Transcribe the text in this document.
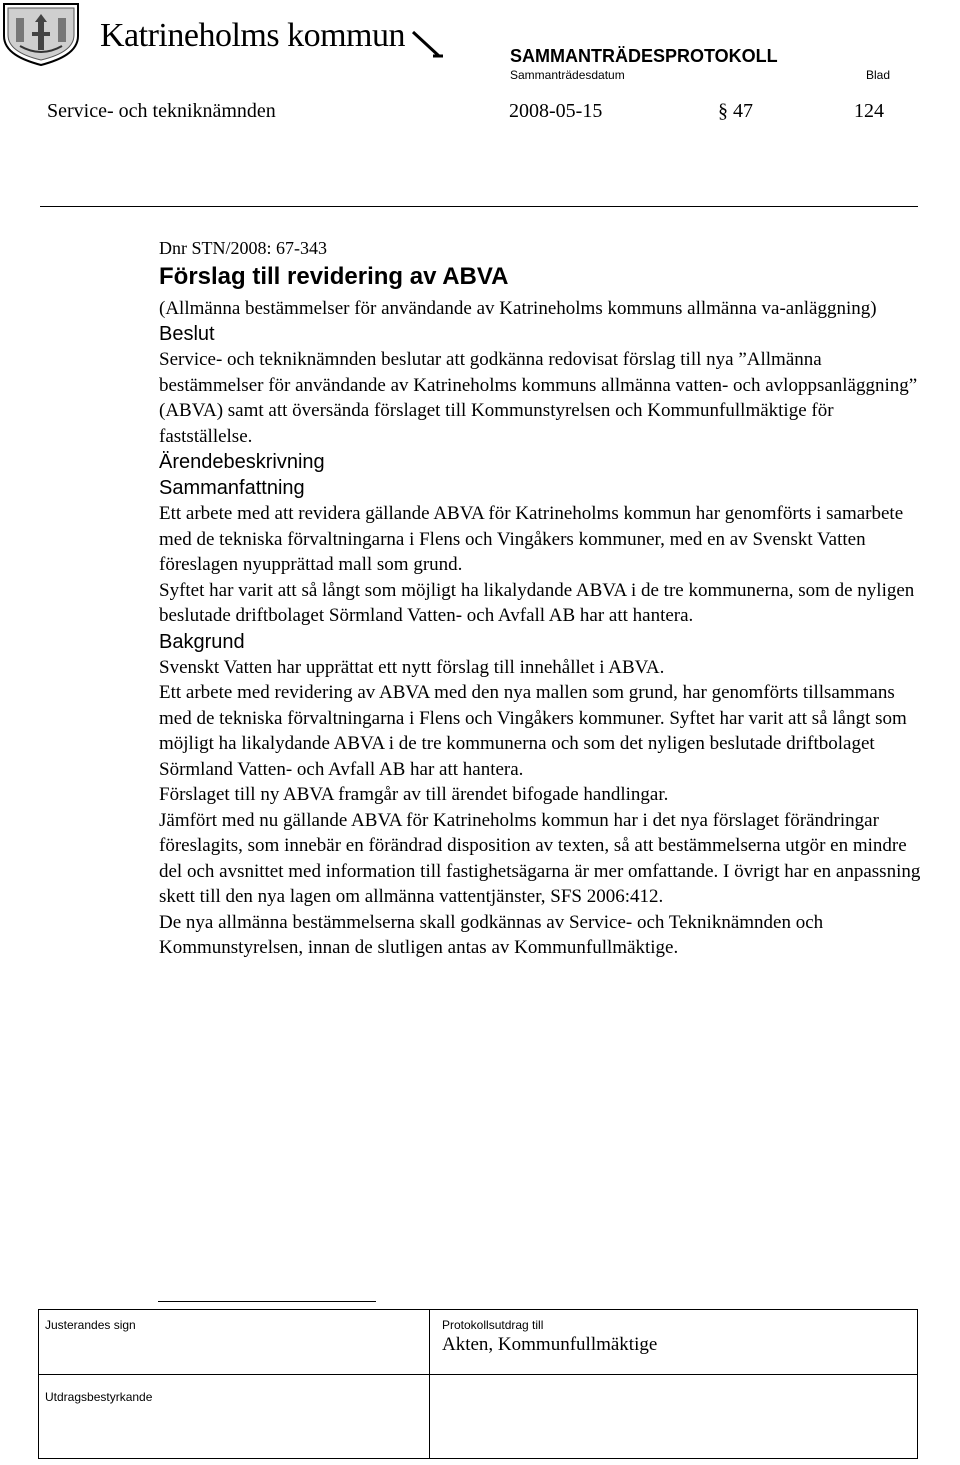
Katrineholms kommun
SAMMANTRÄDESPROTOKOLL
Sammanträdesdatum	Blad
Service- och tekniknämnden	2008-05-15	§ 47	124

Dnr STN/2008: 67-343

Förslag till revidering av ABVA

(Allmänna bestämmelser för användande av Katrineholms kommuns allmänna va-anläggning)

Beslut

Service- och tekniknämnden beslutar att godkänna redovisat förslag till nya ”Allmänna bestämmelser för användande av Katrineholms kommuns allmänna vatten- och avloppsanläggning” (ABVA) samt att översända förslaget till Kommunstyrelsen och Kommunfullmäktige för fastställelse.

Ärendebeskrivning
Sammanfattning

Ett arbete med att revidera gällande ABVA för Katrineholms kommun har genomförts i samarbete med de tekniska förvaltningarna i Flens och Vingåkers kommuner, med en av Svenskt Vatten föreslagen nyupprättad mall som grund.

Syftet har varit att så långt som möjligt ha likalydande ABVA i de tre kommunerna, som de nyligen beslutade driftbolaget Sörmland Vatten- och Avfall AB har att hantera.

Bakgrund

Svenskt Vatten har upprättat ett nytt förslag till innehållet i ABVA.

Ett arbete med revidering av ABVA med den nya mallen som grund, har genomförts tillsammans med de tekniska förvaltningarna i Flens och Vingåkers kommuner. Syftet har varit att så långt som möjligt ha likalydande ABVA i de tre kommunerna och som det nyligen beslutade driftbolaget Sörmland Vatten- och Avfall AB har att hantera.

Förslaget till ny ABVA framgår av till ärendet bifogade handlingar.

Jämfört med nu gällande ABVA för Katrineholms kommun har i det nya förslaget förändringar föreslagits, som innebär en förändrad disposition av texten, så att bestämmelserna utgör en mindre del och avsnittet med information till fastighetsägarna är mer omfattande. I övrigt har en anpassning skett till den nya lagen om allmänna vattentjänster, SFS 2006:412.

De nya allmänna bestämmelserna skall godkännas av Service- och Tekniknämnden och Kommunstyrelsen, innan de slutligen antas av Kommunfullmäktige.

Justerandes sign	Protokollsutdrag till
Akten, Kommunfullmäktige
Utdragsbestyrkande
